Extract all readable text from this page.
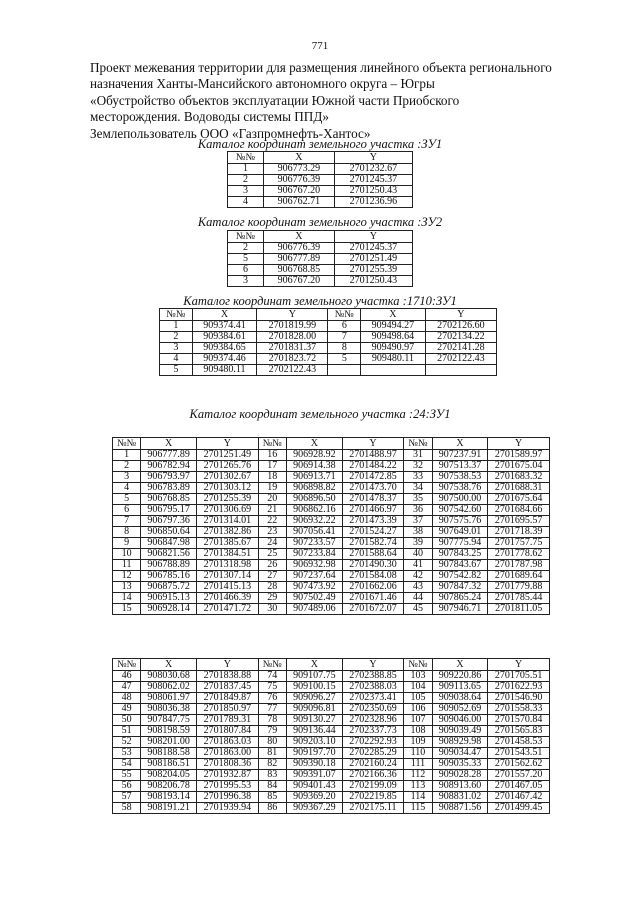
771
Проект межевания территории для размещения линейного объекта регионального
назначения Ханты-Мансийского автономного округа – Югры
«Обустройство объектов эксплуатации Южной части Приобского
месторождения. Водоводы системы ППД»
Землепользователь ООО «Газпромнефть-Хантос»
Каталог координат земельного участка :ЗУ1
№№	X	Y
1	906773.29	2701232.67
2	906776.39	2701245.37
3	906767.20	2701250.43
4	906762.71	2701236.96
Каталог координат земельного участка :ЗУ2
№№	X	Y
2	906776.39	2701245.37
5	906777.89	2701251.49
6	906768.85	2701255.39
3	906767.20	2701250.43
Каталог координат земельного участка :1710:ЗУ1
№№	X	Y	№№	X	Y
1	909374.41	2701819.99	6	909494.27	2702126.60
2	909384.61	2701828.00	7	909498.64	2702134.22
3	909384.65	2701831.37	8	909490.97	2702141.28
4	909374.46	2701823.72	5	909480.11	2702122.43
5	909480.11	2702122.43			
Каталог координат земельного участка :24:ЗУ1
№№	X	Y	№№	X	Y	№№	X	Y
1	906777.89	2701251.49	16	906928.92	2701488.97	31	907237.91	2701589.97
2	906782.94	2701265.76	17	906914.38	2701484.22	32	907513.37	2701675.04
3	906793.97	2701302.67	18	906913.71	2701472.85	33	907538.53	2701683.32
4	906783.89	2701303.12	19	906898.82	2701473.70	34	907538.76	2701688.31
5	906768.85	2701255.39	20	906896.50	2701478.37	35	907500.00	2701675.64
6	906795.17	2701306.69	21	906862.16	2701466.97	36	907542.60	2701684.66
7	906797.36	2701314.01	22	906932.22	2701473.39	37	907575.76	2701695.57
8	906850.64	2701382.86	23	907056.41	2701524.27	38	907649.01	2701718.39
9	906847.98	2701385.67	24	907233.57	2701582.74	39	907775.94	2701757.75
10	906821.56	2701384.51	25	907233.84	2701588.64	40	907843.25	2701778.62
11	906788.89	2701318.98	26	906932.98	2701490.30	41	907843.67	2701787.98
12	906785.16	2701307.14	27	907237.64	2701584.08	42	907542.82	2701689.64
13	906875.72	2701415.13	28	907473.92	2701662.06	43	907847.32	2701779.88
14	906915.13	2701466.39	29	907502.49	2701671.46	44	907865.24	2701785.44
15	906928.14	2701471.72	30	907489.06	2701672.07	45	907946.71	2701811.05
№№	X	Y	№№	X	Y	№№	X	Y
46	908030.68	2701838.88	74	909107.75	2702388.85	103	909220.86	2701705.51
47	908062.02	2701837.45	75	909100.15	2702388.03	104	909113.65	2701622.93
48	908061.97	2701849.87	76	909096.27	2702373.41	105	909038.64	2701546.90
49	908036.38	2701850.97	77	909096.81	2702350.69	106	909052.69	2701558.33
50	907847.75	2701789.31	78	909130.27	2702328.96	107	909046.00	2701570.84
51	908198.59	2701807.84	79	909136.44	2702337.73	108	909039.49	2701565.83
52	908201.00	2701863.03	80	909203.10	2702292.93	109	908929.98	2701458.53
53	908188.58	2701863.00	81	909197.70	2702285.29	110	909034.47	2701543.51
54	908186.51	2701808.36	82	909390.18	2702160.24	111	909035.33	2701562.62
55	908204.05	2701932.87	83	909391.07	2702166.36	112	909028.28	2701557.20
56	908206.78	2701995.53	84	909401.43	2702199.09	113	908913.60	2701467.05
57	908193.14	2701996.38	85	909369.20	2702219.85	114	908831.02	2701467.42
58	908191.21	2701939.94	86	909367.29	2702175.11	115	908871.56	2701499.45
